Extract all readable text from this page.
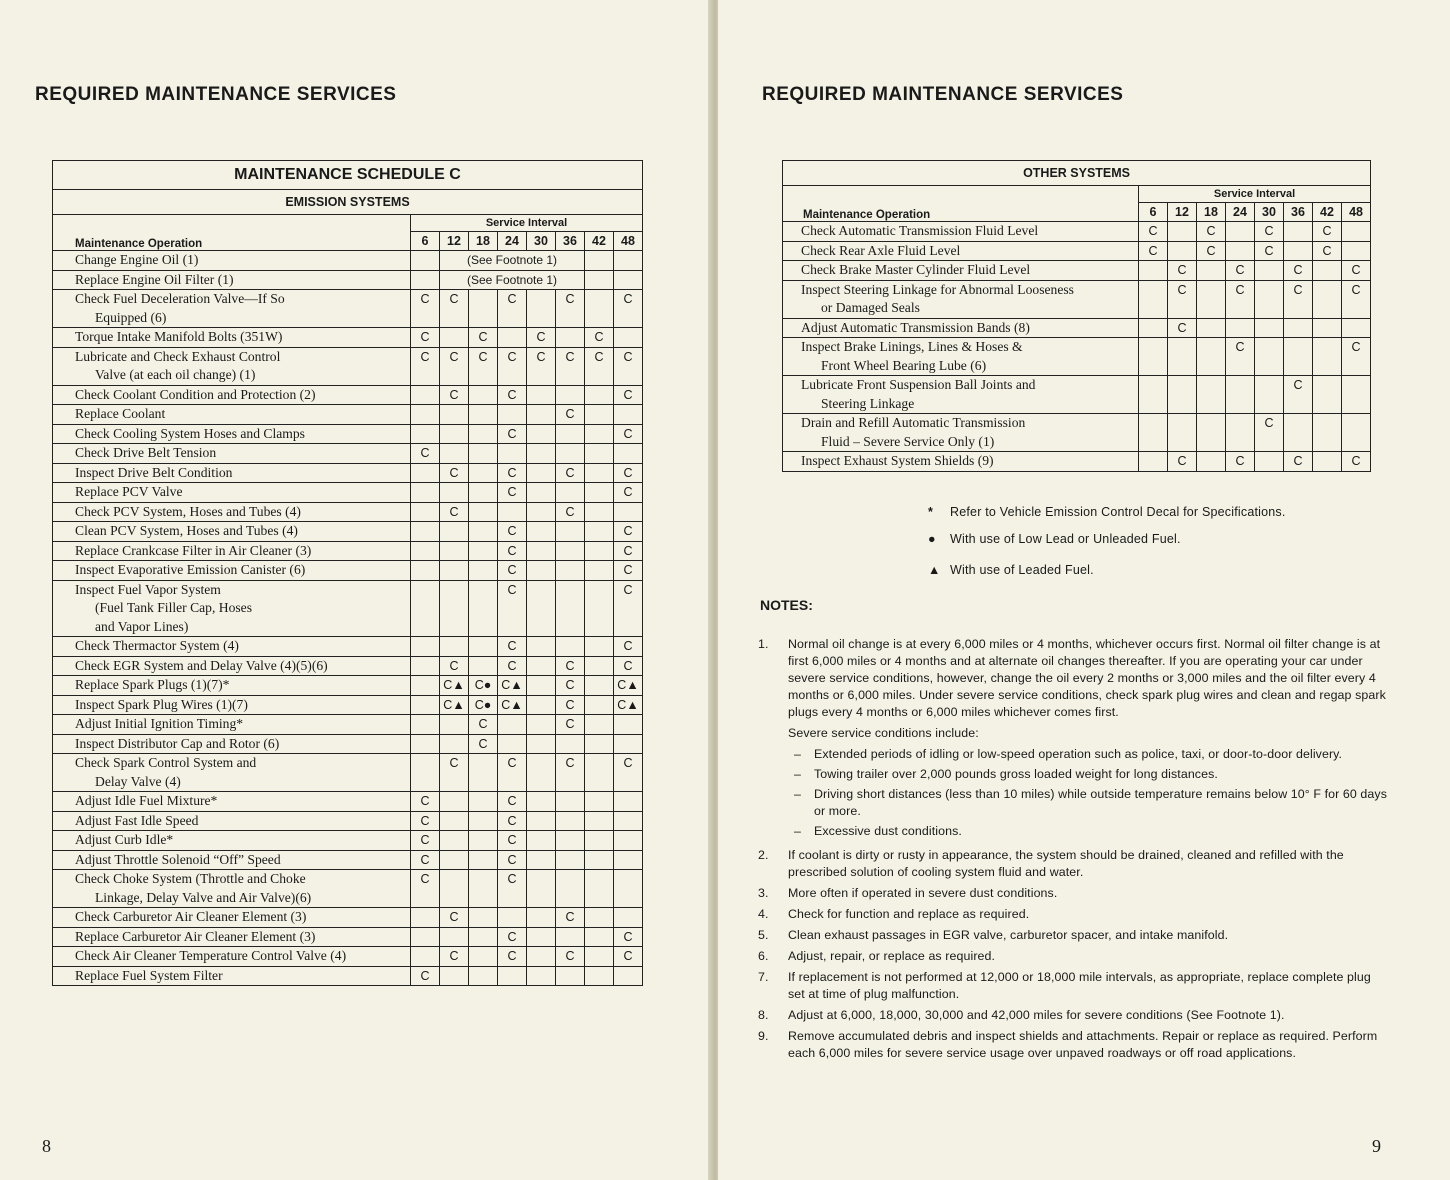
REQUIRED MAINTENANCE SERVICES
MAINTENANCE SCHEDULE C								
EMISSION SYSTEMS								
Maintenance Operation	Service Interval							
	6	12	18	24	30	36	42	48
Change Engine Oil (1)		(See Footnote 1)						
Replace Engine Oil Filter (1)		(See Footnote 1)						
Check Fuel Deceleration Valve—If So
Equipped (6)	C	C		C		C		C
Torque Intake Manifold Bolts (351W)	C		C		C		C	
Lubricate and Check Exhaust Control
Valve (at each oil change) (1)	C	C	C	C	C	C	C	C
Check Coolant Condition and Protection (2)		C		C				C
Replace Coolant						C		
Check Cooling System Hoses and Clamps				C				C
Check Drive Belt Tension	C							
Inspect Drive Belt Condition		C		C		C		C
Replace PCV Valve				C				C
Check PCV System, Hoses and Tubes (4)		C				C		
Clean PCV System, Hoses and Tubes (4)				C				C
Replace Crankcase Filter in Air Cleaner (3)				C				C
Inspect Evaporative Emission Canister (6)				C				C
Inspect Fuel Vapor System
(Fuel Tank Filler Cap, Hoses
and Vapor Lines)				C				C
Check Thermactor System (4)				C				C
Check EGR System and Delay Valve (4)(5)(6)		C		C		C		C
Replace Spark Plugs (1)(7)*		C▲	C●	C▲		C		C▲
Inspect Spark Plug Wires (1)(7)		C▲	C●	C▲		C		C▲
Adjust Initial Ignition Timing*			C			C		
Inspect Distributor Cap and Rotor (6)			C					
Check Spark Control System and
Delay Valve (4)		C		C		C		C
Adjust Idle Fuel Mixture*	C			C				
Adjust Fast Idle Speed	C			C				
Adjust Curb Idle*	C			C				
Adjust Throttle Solenoid “Off” Speed	C			C				
Check Choke System (Throttle and Choke
Linkage, Delay Valve and Air Valve)(6)	C			C				
Check Carburetor Air Cleaner Element (3)		C				C		
Replace Carburetor Air Cleaner Element (3)				C				C
Check Air Cleaner Temperature Control Valve (4)		C		C		C		C
Replace Fuel System Filter	C							
8
REQUIRED MAINTENANCE SERVICES
OTHER SYSTEMS								
Maintenance Operation	Service Interval							
	6	12	18	24	30	36	42	48
Check Automatic Transmission Fluid Level	C		C		C		C	
Check Rear Axle Fluid Level	C		C		C		C	
Check Brake Master Cylinder Fluid Level		C		C		C		C
Inspect Steering Linkage for Abnormal Looseness
or Damaged Seals		C		C		C		C
Adjust Automatic Transmission Bands (8)		C						
Inspect Brake Linings, Lines & Hoses &
Front Wheel Bearing Lube (6)				C				C
Lubricate Front Suspension Ball Joints and
Steering Linkage						C		
Drain and Refill Automatic Transmission
Fluid – Severe Service Only (1)					C			
Inspect Exhaust System Shields (9)		C		C		C		C
* Refer to Vehicle Emission Control Decal for Specifications.
● With use of Low Lead or Unleaded Fuel.
▲ With use of Leaded Fuel.
NOTES:
1.	Normal oil change is at every 6,000 miles or 4 months, whichever occurs first. Normal oil filter change is at first 6,000 miles or 4 months and at alternate oil changes thereafter. If you are operating your car under severe service conditions, however, change the oil every 2 months or 3,000 miles and the oil filter every 4 months or 6,000 miles. Under severe service conditions, check spark plug wires and clean and regap spark plugs every 4 months or 6,000 miles whichever comes first.
Severe service conditions include:
–	Extended periods of idling or low-speed operation such as police, taxi, or door-to-door delivery.
–	Towing trailer over 2,000 pounds gross loaded weight for long distances.
–	Driving short distances (less than 10 miles) while outside temperature remains below 10° F for 60 days or more.
–	Excessive dust conditions.
2.	If coolant is dirty or rusty in appearance, the system should be drained, cleaned and refilled with the prescribed solution of cooling system fluid and water.
3.	More often if operated in severe dust conditions.
4.	Check for function and replace as required.
5.	Clean exhaust passages in EGR valve, carburetor spacer, and intake manifold.
6.	Adjust, repair, or replace as required.
7.	If replacement is not performed at 12,000 or 18,000 mile intervals, as appropriate, replace complete plug set at time of plug malfunction.
8.	Adjust at 6,000, 18,000, 30,000 and 42,000 miles for severe conditions (See Footnote 1).
9.	Remove accumulated debris and inspect shields and attachments. Repair or replace as required. Perform each 6,000 miles for severe service usage over unpaved roadways or off road applications.
9
